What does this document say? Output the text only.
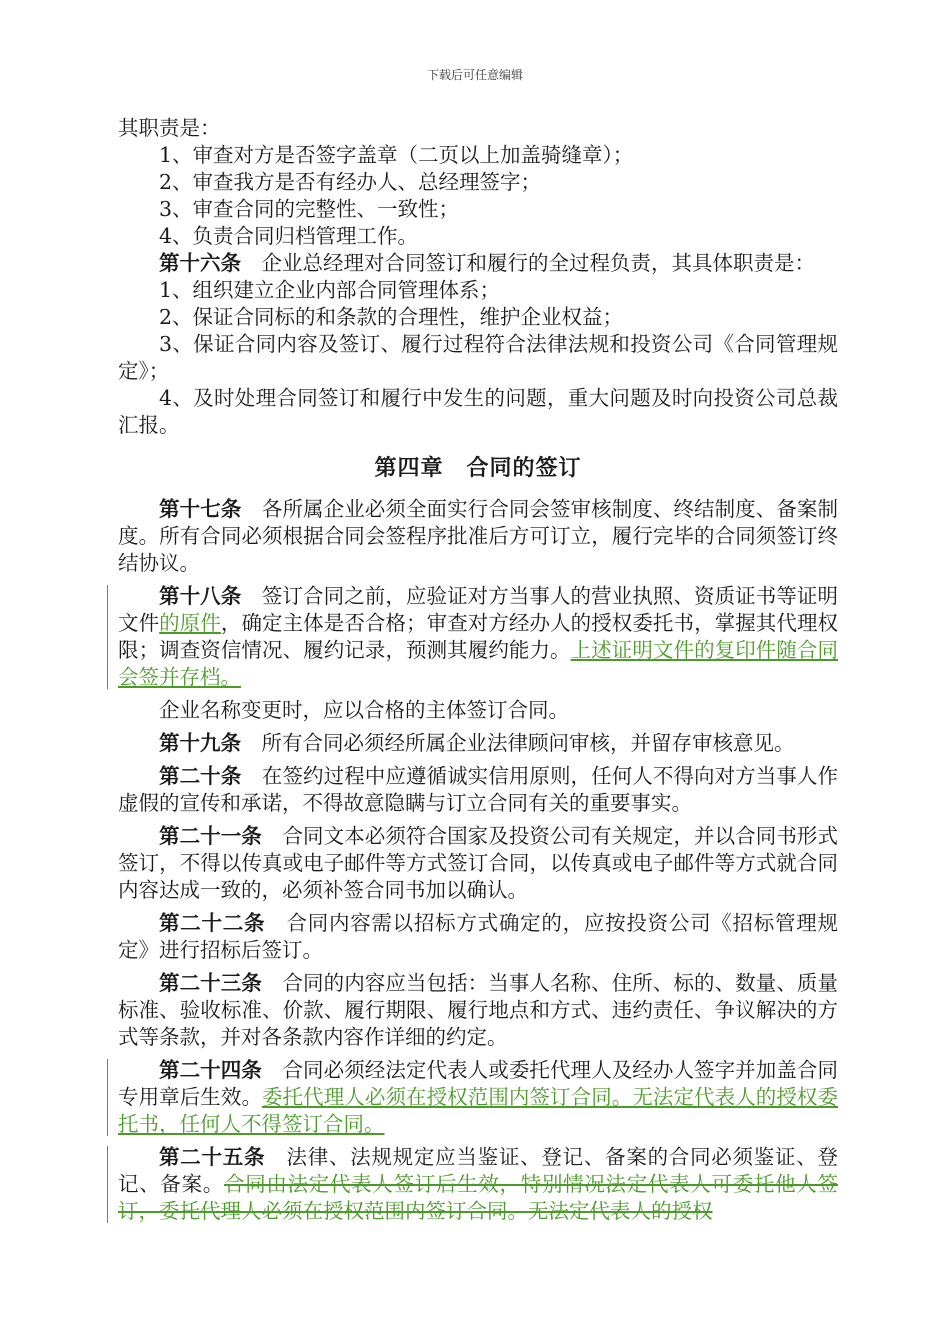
下载后可任意编辑

其职责是：

1、审查对方是否签字盖章（二页以上加盖骑缝章）；

2、审查我方是否有经办人、总经理签字；

3、审查合同的完整性、一致性；

4、负责合同归档管理工作。

第十六条　 企业总经理对合同签订和履行的全过程负责，其具体职责是：

1、组织建立企业内部合同管理体系；

2、保证合同标的和条款的合理性，维护企业权益；

3、保证合同内容及签订、履行过程符合法律法规和投资公司《合同管理规定》；

4、及时处理合同签订和履行中发生的问题，重大问题及时向投资公司总裁汇报。

第四章　合同的签订

第十七条　 各所属企业必须全面实行合同会签审核制度、终结制度、备案制度。所有合同必须根据合同会签程序批准后方可订立，履行完毕的合同须签订终结协议。

第十八条　 签订合同之前，应验证对方当事人的营业执照、资质证书等证明文件的原件，确定主体是否合格；审查对方经办人的授权委托书，掌握其代理权限；调查资信情况、履约记录，预测其履约能力。上述证明文件的复印件随合同会签并存档。

企业名称变更时，应以合格的主体签订合同。

第十九条　 所有合同必须经所属企业法律顾问审核，并留存审核意见。

第二十条　 在签约过程中应遵循诚实信用原则，任何人不得向对方当事人作虚假的宣传和承诺，不得故意隐瞒与订立合同有关的重要事实。

第二十一条　 合同文本必须符合国家及投资公司有关规定，并以合同书形式签订，不得以传真或电子邮件等方式签订合同，以传真或电子邮件等方式就合同内容达成一致的，必须补签合同书加以确认。

第二十二条　 合同内容需以招标方式确定的，应按投资公司《招标管理规定》进行招标后签订。

第二十三条　 合同的内容应当包括：当事人名称、住所、标的、数量、质量标准、验收标准、价款、履行期限、履行地点和方式、违约责任、争议解决的方式等条款，并对各条款内容作详细的约定。

第二十四条　 合同必须经法定代表人或委托代理人及经办人签字并加盖合同专用章后生效。委托代理人必须在授权范围内签订合同。无法定代表人的授权委托书，任何人不得签订合同。

第二十五条　 法律、法规规定应当鉴证、登记、备案的合同必须鉴证、登记、备案。合同由法定代表人签订后生效，特别情况法定代表人可委托他人签订，委托代理人必须在授权范围内签订合同。无法定代表人的授权
